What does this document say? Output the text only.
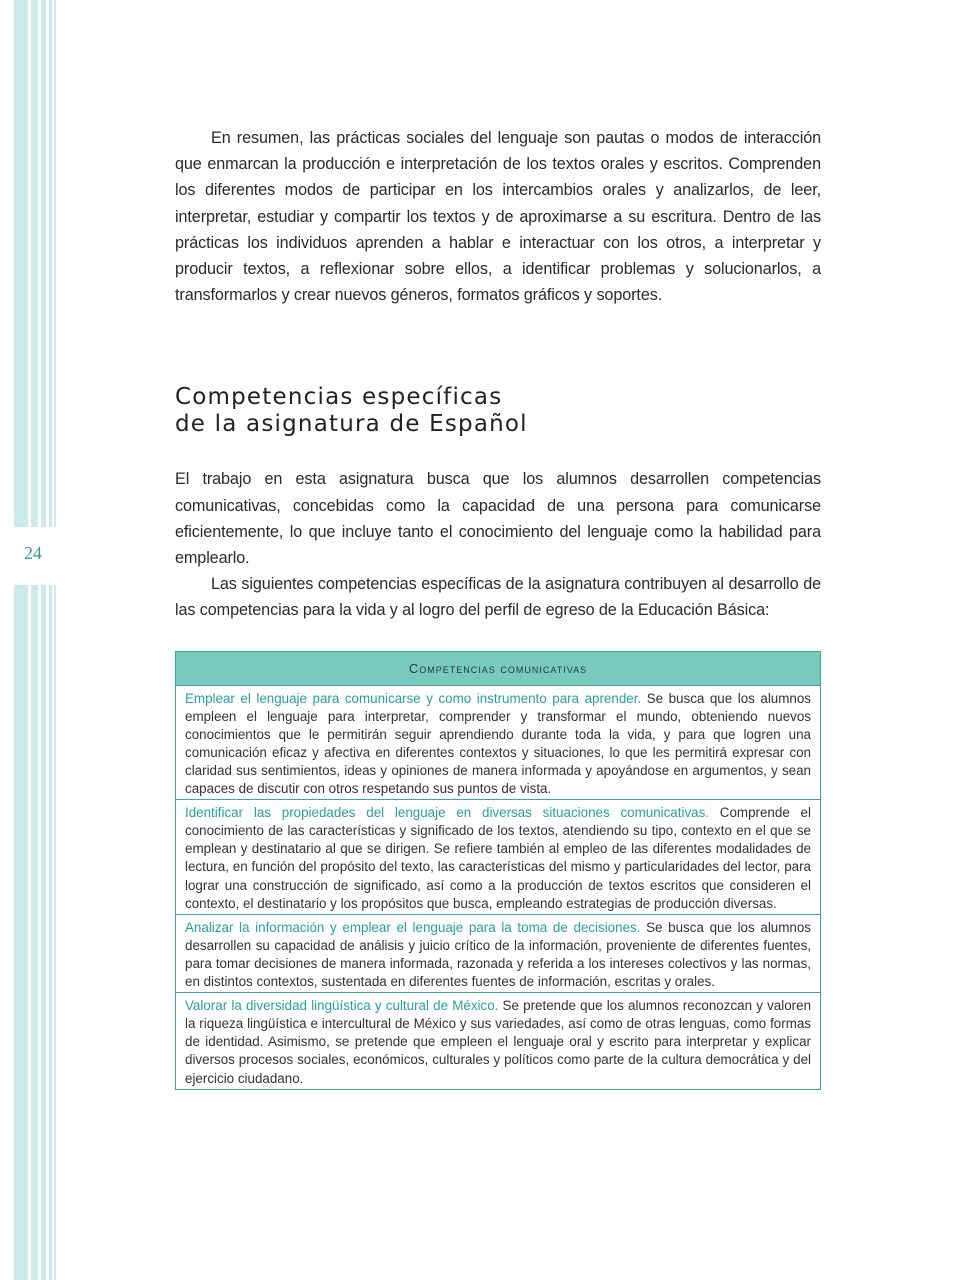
24

En resumen, las prácticas sociales del lenguaje son pautas o modos de interacción que enmarcan la producción e interpretación de los textos orales y escritos. Comprenden los diferentes modos de participar en los intercambios orales y analizarlos, de leer, interpretar, estudiar y compartir los textos y de aproximarse a su escritura. Dentro de las prácticas los individuos aprenden a hablar e interactuar con los otros, a interpretar y producir textos, a reflexionar sobre ellos, a identificar problemas y solucionarlos, a transformarlos y crear nuevos géneros, formatos gráficos y soportes.

Competencias específicas
de la asignatura de Español

El trabajo en esta asignatura busca que los alumnos desarrollen competencias comunicativas, concebidas como la capacidad de una persona para comunicarse eficientemente, lo que incluye tanto el conocimiento del lenguaje como la habilidad para emplearlo.

Las siguientes competencias específicas de la asignatura contribuyen al desarrollo de las competencias para la vida y al logro del perfil de egreso de la Educación Básica:

Competencias comunicativas
Emplear el lenguaje para comunicarse y como instrumento para aprender. Se busca que los alumnos empleen el lenguaje para interpretar, comprender y transformar el mundo, obteniendo nuevos conocimientos que le permitirán seguir aprendiendo durante toda la vida, y para que logren una comunicación eficaz y afectiva en diferentes contextos y situaciones, lo que les permitirá expresar con claridad sus sentimientos, ideas y opiniones de manera informada y apoyándose en argumentos, y sean capaces de discutir con otros respetando sus puntos de vista.
Identificar las propiedades del lenguaje en diversas situaciones comunicativas. Comprende el conocimiento de las características y significado de los textos, atendiendo su tipo, contexto en el que se emplean y destinatario al que se dirigen. Se refiere también al empleo de las diferentes modalidades de lectura, en función del propósito del texto, las características del mismo y particularidades del lector, para lograr una construcción de significado, así como a la producción de textos escritos que consideren el contexto, el destinatario y los propósitos que busca, empleando estrategias de producción diversas.
Analizar la información y emplear el lenguaje para la toma de decisiones. Se busca que los alumnos desarrollen su capacidad de análisis y juicio crítico de la información, proveniente de diferentes fuentes, para tomar decisiones de manera informada, razonada y referida a los intereses colectivos y las normas, en distintos contextos, sustentada en diferentes fuentes de información, escritas y orales.
Valorar la diversidad lingüística y cultural de México. Se pretende que los alumnos reconozcan y valoren la riqueza lingüística e intercultural de México y sus variedades, así como de otras lenguas, como formas de identidad. Asimismo, se pretende que empleen el lenguaje oral y escrito para interpretar y explicar diversos procesos sociales, económicos, culturales y políticos como parte de la cultura democrática y del ejercicio ciudadano.
